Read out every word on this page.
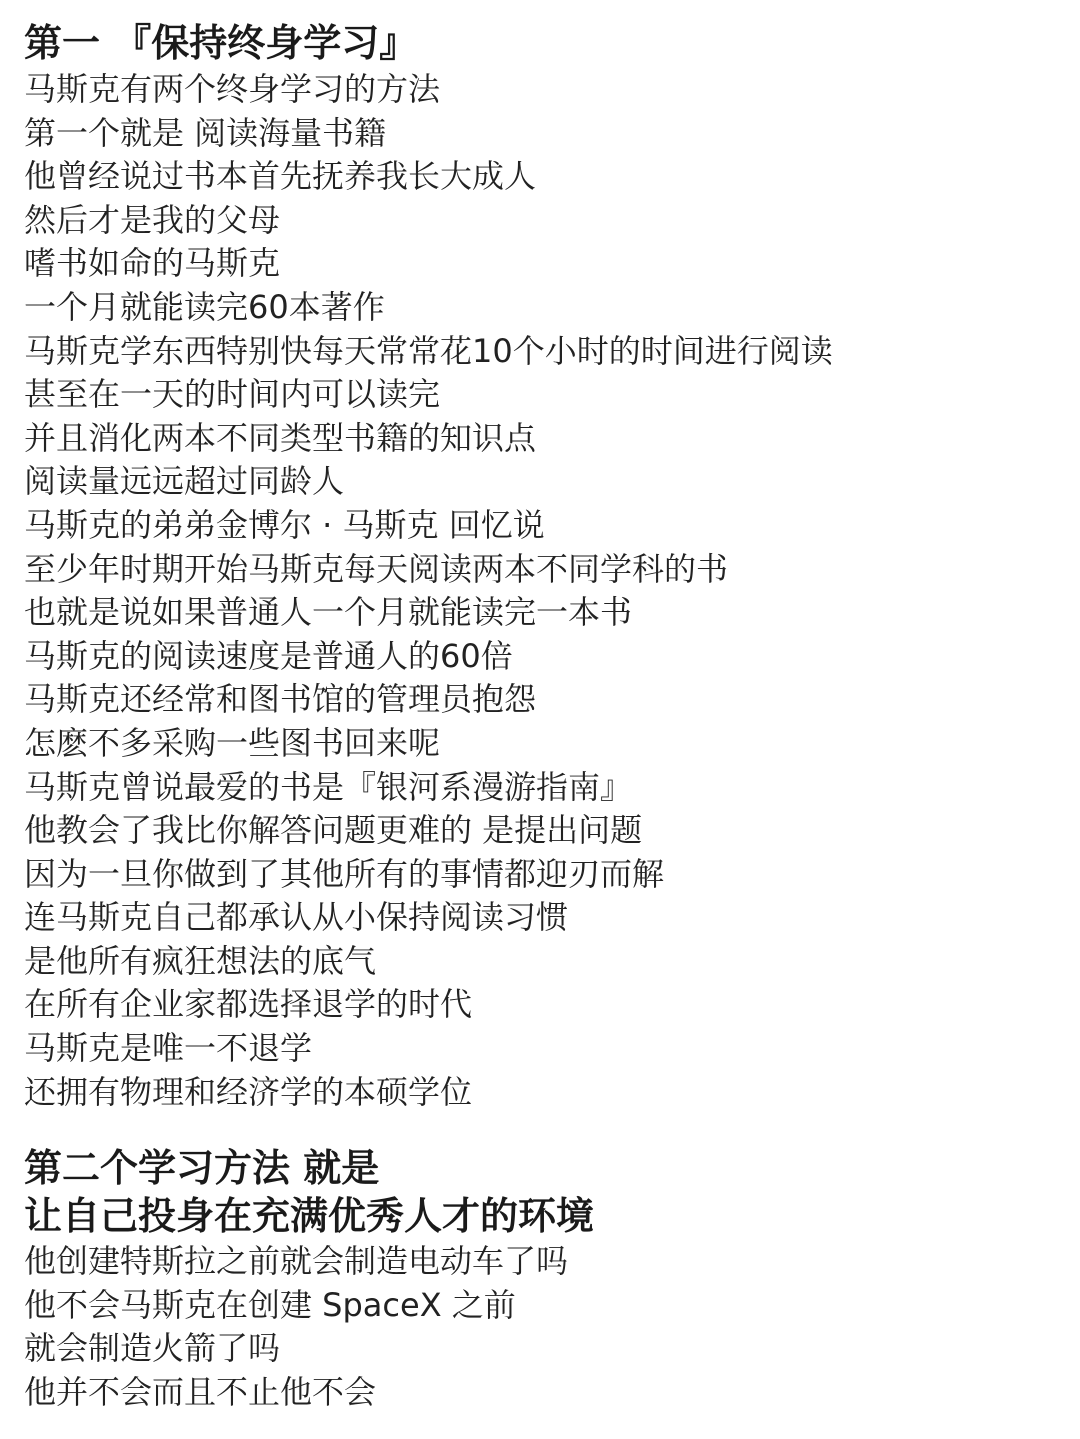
第一 『保持终身学习』

马斯克有两个终身学习的方法

第一个就是 阅读海量书籍

他曾经说过书本首先抚养我长大成人

然后才是我的父母

嗜书如命的马斯克

一个月就能读完60本著作

马斯克学东西特别快每天常常花10个小时的时间进行阅读

甚至在一天的时间内可以读完

并且消化两本不同类型书籍的知识点

阅读量远远超过同龄人

马斯克的弟弟金博尔 · 马斯克 回忆说

至少年时期开始马斯克每天阅读两本不同学科的书

也就是说如果普通人一个月就能读完一本书

马斯克的阅读速度是普通人的60倍

马斯克还经常和图书馆的管理员抱怨

怎麽不多采购一些图书回来呢

马斯克曾说最爱的书是『银河系漫游指南』

他教会了我比你解答问题更难的 是提出问题

因为一旦你做到了其他所有的事情都迎刃而解

连马斯克自己都承认从小保持阅读习惯

是他所有疯狂想法的底气

在所有企业家都选择退学的时代

马斯克是唯一不退学

还拥有物理和经济学的本硕学位

第二个学习方法 就是
让自己投身在充满优秀人才的环境

他创建特斯拉之前就会制造电动车了吗

他不会马斯克在创建 SpaceX 之前

就会制造火箭了吗

他并不会而且不止他不会
